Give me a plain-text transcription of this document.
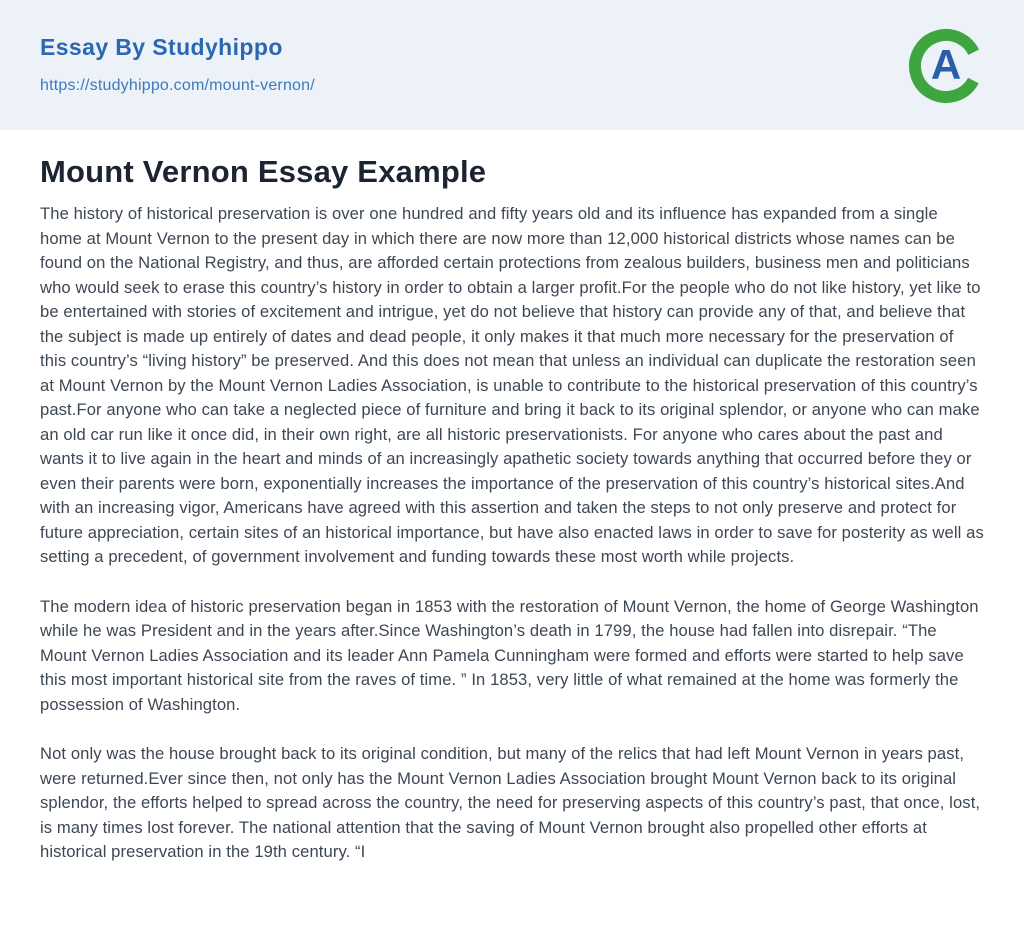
Essay By Studyhippo
https://studyhippo.com/mount-vernon/	A
Mount Vernon Essay Example

The history of historical preservation is over one hundred and fifty years old and its influence has expanded from a single home at Mount Vernon to the present day in which there are now more than 12,000 historical districts whose names can be found on the National Registry, and thus, are afforded certain protections from zealous builders, business men and politicians who would seek to erase this country’s history in order to obtain a larger profit.For the people who do not like history, yet like to be entertained with stories of excitement and intrigue, yet do not believe that history can provide any of that, and believe that the subject is made up entirely of dates and dead people, it only makes it that much more necessary for the preservation of this country’s “living history” be preserved. And this does not mean that unless an individual can duplicate the restoration seen at Mount Vernon by the Mount Vernon Ladies Association, is unable to contribute to the historical preservation of this country’s past.For anyone who can take a neglected piece of furniture and bring it back to its original splendor, or anyone who can make an old car run like it once did, in their own right, are all historic preservationists. For anyone who cares about the past and wants it to live again in the heart and minds of an increasingly apathetic society towards anything that occurred before they or even their parents were born, exponentially increases the importance of the preservation of this country’s historical sites.And with an increasing vigor, Americans have agreed with this assertion and taken the steps to not only preserve and protect for future appreciation, certain sites of an historical importance, but have also enacted laws in order to save for posterity as well as setting a precedent, of government involvement and funding towards these most worth while projects.

The modern idea of historic preservation began in 1853 with the restoration of Mount Vernon, the home of George Washington while he was President and in the years after.Since Washington’s death in 1799, the house had fallen into disrepair. “The Mount Vernon Ladies Association and its leader Ann Pamela Cunningham were formed and efforts were started to help save this most important historical site from the raves of time. ” In 1853, very little of what remained at the home was formerly the possession of Washington.

Not only was the house brought back to its original condition, but many of the relics that had left Mount Vernon in years past, were returned.Ever since then, not only has the Mount Vernon Ladies Association brought Mount Vernon back to its original splendor, the efforts helped to spread across the country, the need for preserving aspects of this country’s past, that once, lost, is many times lost forever. The national attention that the saving of Mount Vernon brought also propelled other efforts at historical preservation in the 19th century. “I
